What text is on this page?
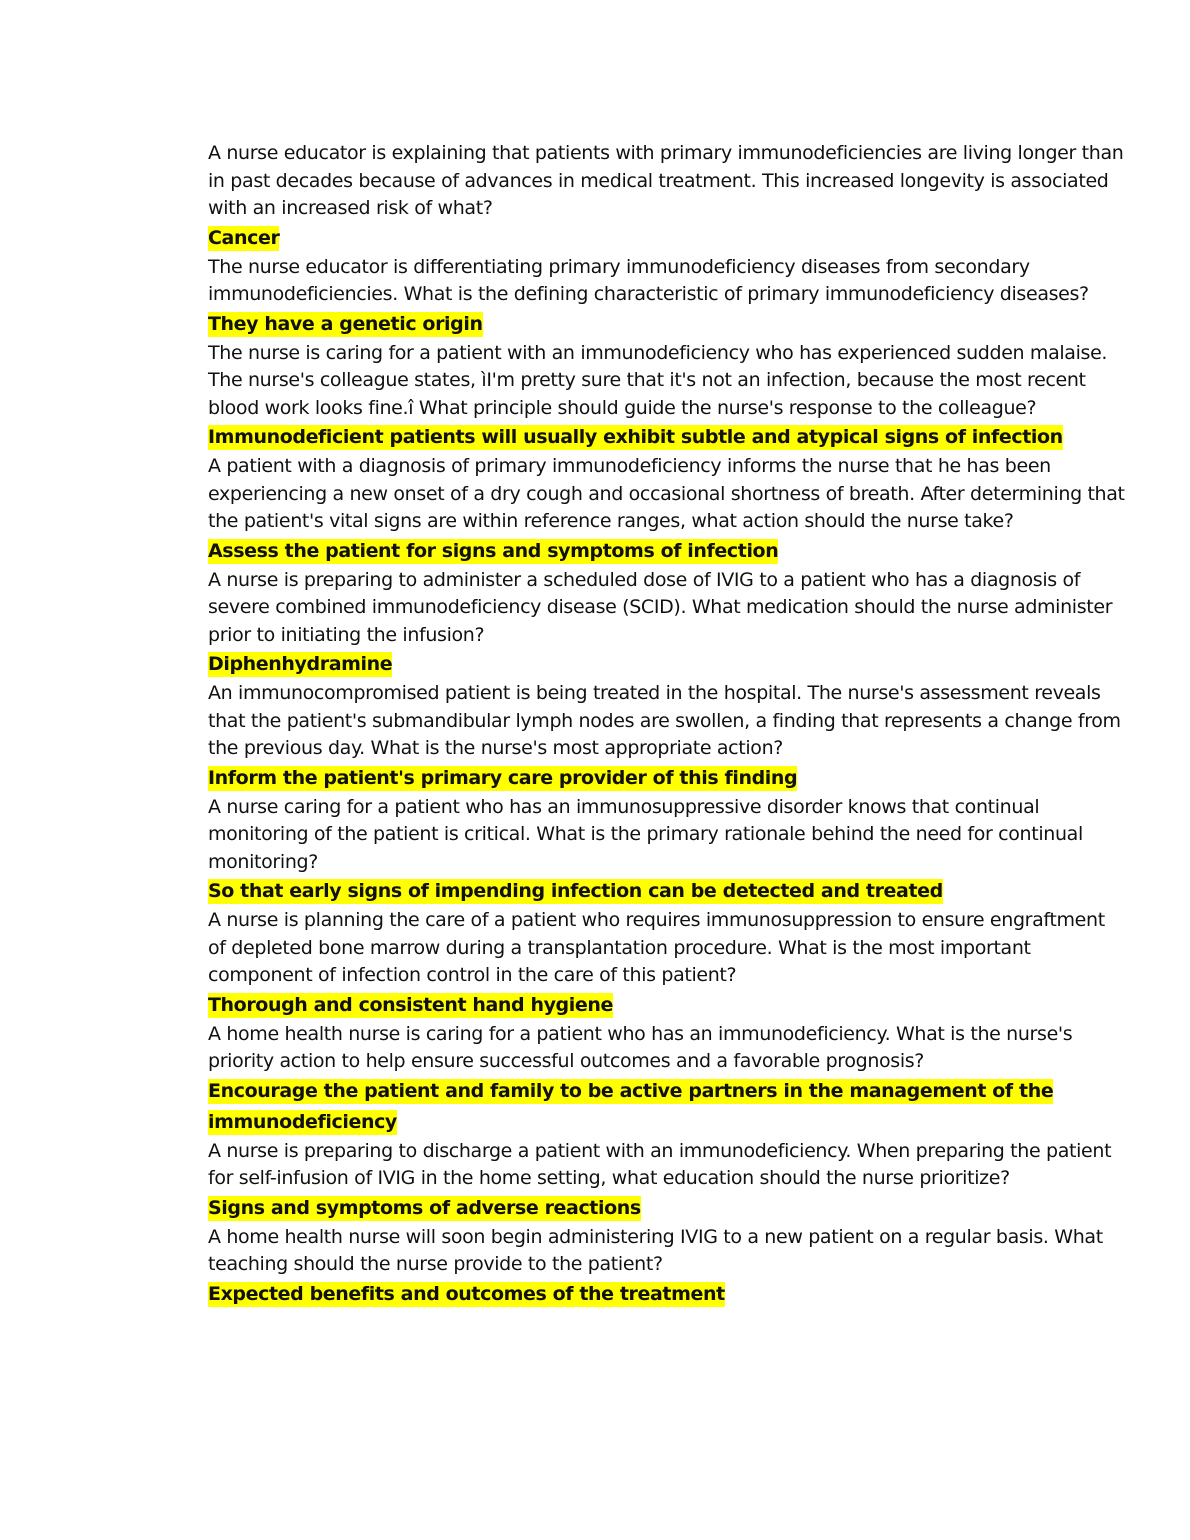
A nurse educator is explaining that patients with primary immunodeficiencies are living longer than in past decades because of advances in medical treatment. This increased longevity is associated with an increased risk of what?

Cancer

The nurse educator is differentiating primary immunodeficiency diseases from secondary immunodeficiencies. What is the defining characteristic of primary immunodeficiency diseases?

They have a genetic origin

The nurse is caring for a patient with an immunodeficiency who has experienced sudden malaise. The nurse's colleague states, ìI'm pretty sure that it's not an infection, because the most recent blood work looks fine.î What principle should guide the nurse's response to the colleague?

Immunodeficient patients will usually exhibit subtle and atypical signs of infection

A patient with a diagnosis of primary immunodeficiency informs the nurse that he has been experiencing a new onset of a dry cough and occasional shortness of breath. After determining that the patient's vital signs are within reference ranges, what action should the nurse take?

Assess the patient for signs and symptoms of infection

A nurse is preparing to administer a scheduled dose of IVIG to a patient who has a diagnosis of severe combined immunodeficiency disease (SCID). What medication should the nurse administer prior to initiating the infusion?

Diphenhydramine

An immunocompromised patient is being treated in the hospital. The nurse's assessment reveals that the patient's submandibular lymph nodes are swollen, a finding that represents a change from the previous day. What is the nurse's most appropriate action?

Inform the patient's primary care provider of this finding

A nurse caring for a patient who has an immunosuppressive disorder knows that continual monitoring of the patient is critical. What is the primary rationale behind the need for continual monitoring?

So that early signs of impending infection can be detected and treated

A nurse is planning the care of a patient who requires immunosuppression to ensure engraftment of depleted bone marrow during a transplantation procedure. What is the most important component of infection control in the care of this patient?

Thorough and consistent hand hygiene

A home health nurse is caring for a patient who has an immunodeficiency. What is the nurse's priority action to help ensure successful outcomes and a favorable prognosis?

Encourage the patient and family to be active partners in the management of the immunodeficiency

A nurse is preparing to discharge a patient with an immunodeficiency. When preparing the patient for self-infusion of IVIG in the home setting, what education should the nurse prioritize?

Signs and symptoms of adverse reactions

A home health nurse will soon begin administering IVIG to a new patient on a regular basis. What teaching should the nurse provide to the patient?

Expected benefits and outcomes of the treatment
